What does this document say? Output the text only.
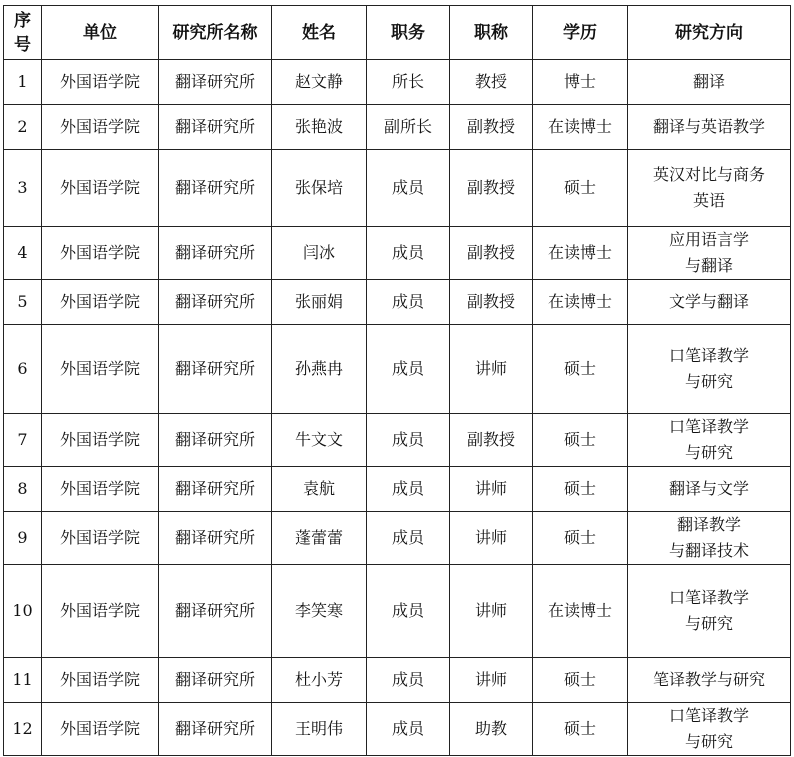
序
号	单位	研究所名称	姓名	职务	职称	学历	研究方向
1	外国语学院	翻译研究所	赵文静	所长	教授	博士	翻译
2	外国语学院	翻译研究所	张艳波	副所长	副教授	在读博士	翻译与英语教学
3	外国语学院	翻译研究所	张保培	成员	副教授	硕士	英汉对比与商务
英语
4	外国语学院	翻译研究所	闫冰	成员	副教授	在读博士	应用语言学
与翻译
5	外国语学院	翻译研究所	张丽娟	成员	副教授	在读博士	文学与翻译
6	外国语学院	翻译研究所	孙燕冉	成员	讲师	硕士	口笔译教学
与研究
7	外国语学院	翻译研究所	牛文文	成员	副教授	硕士	口笔译教学
与研究
8	外国语学院	翻译研究所	袁航	成员	讲师	硕士	翻译与文学
9	外国语学院	翻译研究所	蓬蕾蕾	成员	讲师	硕士	翻译教学
与翻译技术
10	外国语学院	翻译研究所	李笑寒	成员	讲师	在读博士	口笔译教学
与研究
11	外国语学院	翻译研究所	杜小芳	成员	讲师	硕士	笔译教学与研究
12	外国语学院	翻译研究所	王明伟	成员	助教	硕士	口笔译教学
与研究
